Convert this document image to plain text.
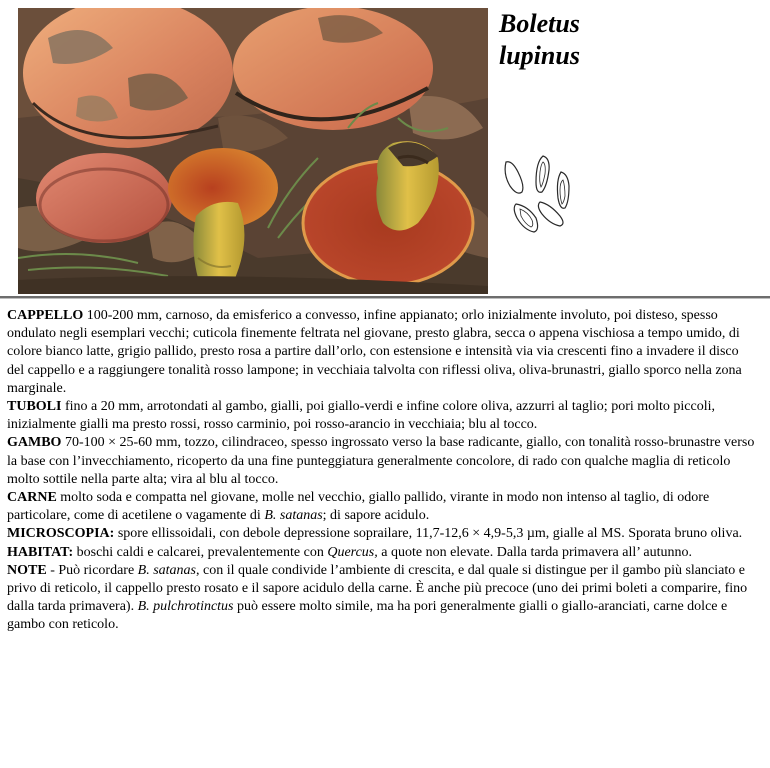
Boletus
lupinus

CAPPELLO 100-200 mm, carnoso, da emisferico a convesso, infine appianato; orlo inizialmente involuto, poi disteso, spesso ondulato negli esemplari vecchi; cuticola finemente feltrata nel giovane, presto glabra, secca o appena vischiosa a tempo umido, di colore bianco latte, grigio pallido, presto rosa a partire dall’orlo, con estensione e intensità via via crescenti fino a invadere il disco del cappello e a raggiungere tonalità rosso lampone; in vecchiaia talvolta con riflessi oliva, oliva-brunastri, giallo sporco nella zona marginale.

TUBOLI fino a 20 mm, arrotondati al gambo, gialli, poi giallo-verdi e infine colore oliva, azzurri al taglio; pori molto piccoli, inizialmente gialli ma presto rossi, rosso carminio, poi rosso-arancio in vecchiaia; blu al tocco.

GAMBO 70-100 × 25-60 mm, tozzo, cilindraceo, spesso ingrossato verso la base radicante, giallo, con tonalità rosso-brunastre verso la base con l’invecchiamento, ricoperto da una fine punteggiatura generalmente concolore, di rado con qualche maglia di reticolo molto sottile nella parte alta; vira al blu al tocco.

CARNE molto soda e compatta nel giovane, molle nel vecchio, giallo pallido, virante in modo non intenso al taglio, di odore particolare, come di acetilene o vagamente di B. satanas; di sapore acidulo.

MICROSCOPIA: spore ellissoidali, con debole depressione soprailare, 11,7-12,6 × 4,9-5,3 µm, gialle al MS. Sporata bruno oliva.

HABITAT: boschi caldi e calcarei, prevalentemente con Quercus, a quote non elevate. Dalla tarda primavera all’ autunno.

NOTE - Può ricordare B. satanas, con il quale condivide l’ambiente di crescita, e dal quale si distingue per il gambo più slanciato e privo di reticolo, il cappello presto rosato e il sapore acidulo della carne. È anche più precoce (uno dei primi boleti a comparire, fino dalla tarda primavera). B. pulchrotinctus può essere molto simile, ma ha pori generalmente gialli o giallo-aranciati, carne dolce e gambo con reticolo.
